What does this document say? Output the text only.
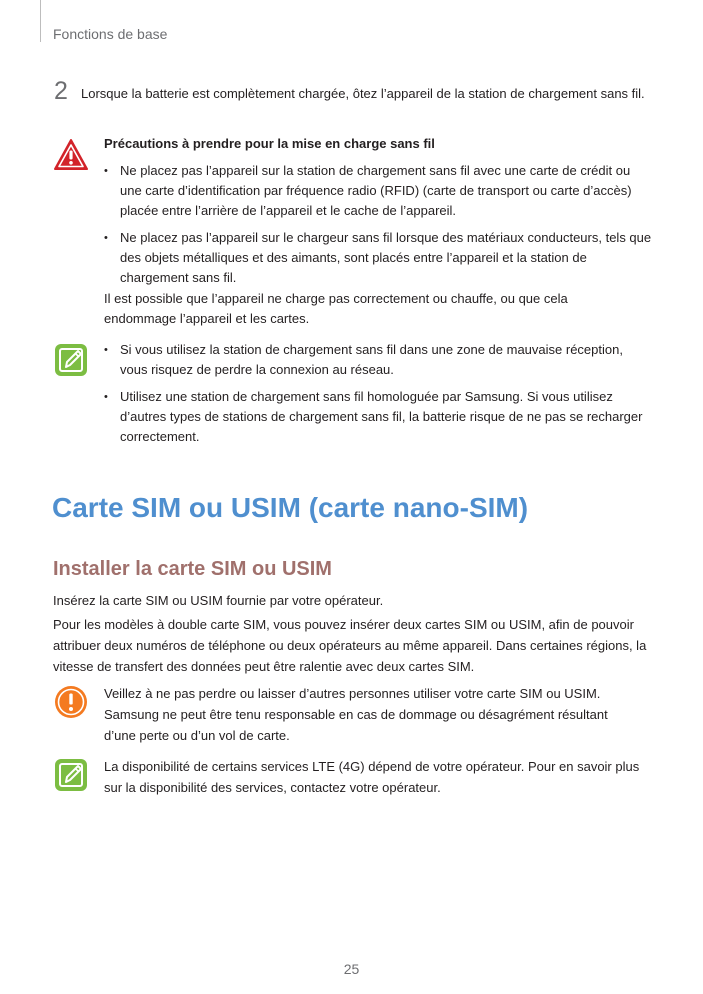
Fonctions de base
2 Lorsque la batterie est complètement chargée, ôtez l’appareil de la station de chargement sans fil.
Précautions à prendre pour la mise en charge sans fil
• Ne placez pas l’appareil sur la station de chargement sans fil avec une carte de crédit ou une carte d’identification par fréquence radio (RFID) (carte de transport ou carte d’accès) placée entre l’arrière de l’appareil et le cache de l’appareil.
• Ne placez pas l’appareil sur le chargeur sans fil lorsque des matériaux conducteurs, tels que des objets métalliques et des aimants, sont placés entre l’appareil et la station de chargement sans fil.
Il est possible que l’appareil ne charge pas correctement ou chauffe, ou que cela endommage l’appareil et les cartes.
• Si vous utilisez la station de chargement sans fil dans une zone de mauvaise réception, vous risquez de perdre la connexion au réseau.
• Utilisez une station de chargement sans fil homologuée par Samsung. Si vous utilisez d’autres types de stations de chargement sans fil, la batterie risque de ne pas se recharger correctement.
Carte SIM ou USIM (carte nano-SIM)
Installer la carte SIM ou USIM
Insérez la carte SIM ou USIM fournie par votre opérateur.
Pour les modèles à double carte SIM, vous pouvez insérer deux cartes SIM ou USIM, afin de pouvoir attribuer deux numéros de téléphone ou deux opérateurs au même appareil. Dans certaines régions, la vitesse de transfert des données peut être ralentie avec deux cartes SIM.
Veillez à ne pas perdre ou laisser d’autres personnes utiliser votre carte SIM ou USIM. Samsung ne peut être tenu responsable en cas de dommage ou désagrément résultant d’une perte ou d’un vol de carte.
La disponibilité de certains services LTE (4G) dépend de votre opérateur. Pour en savoir plus sur la disponibilité des services, contactez votre opérateur.
25
